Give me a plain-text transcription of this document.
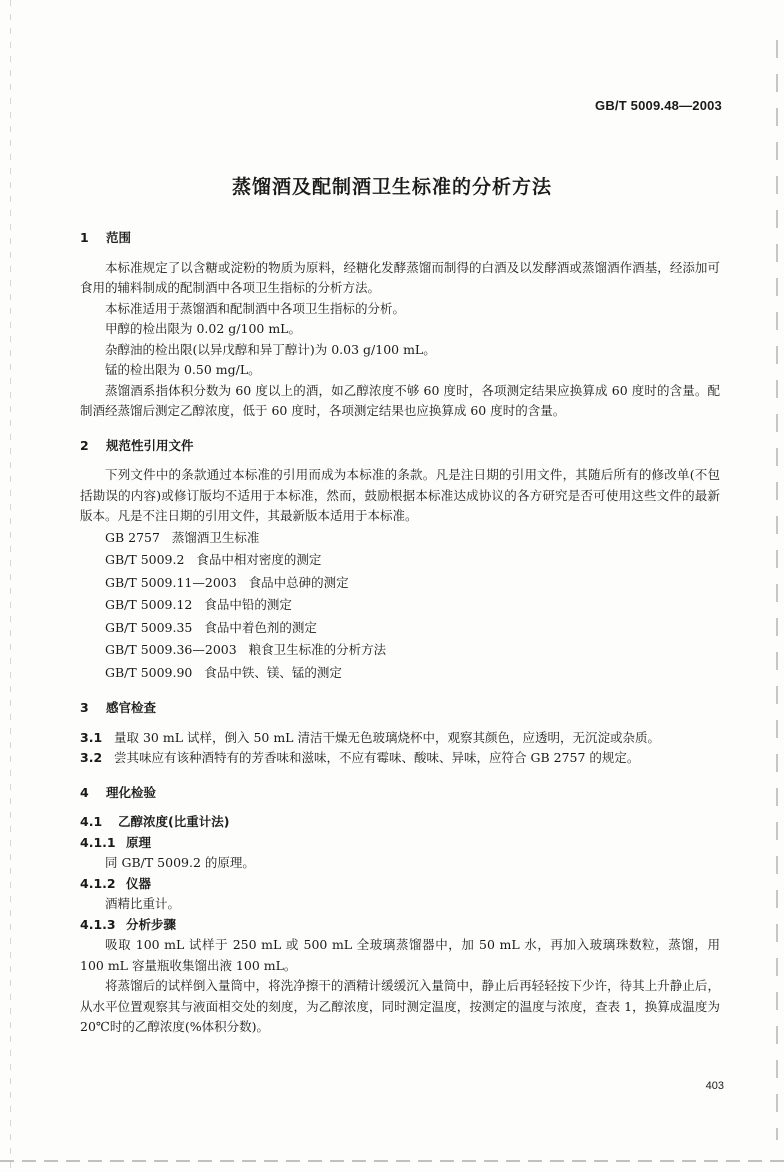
GB/T 5009.48—2003
蒸馏酒及配制酒卫生标准的分析方法
1 范围

本标准规定了以含糖或淀粉的物质为原料，经糖化发酵蒸馏而制得的白酒及以发酵酒或蒸馏酒作酒基，经添加可食用的辅料制成的配制酒中各项卫生指标的分析方法。

本标准适用于蒸馏酒和配制酒中各项卫生指标的分析。

甲醇的检出限为 0.02 g/100 mL。

杂醇油的检出限(以异戊醇和异丁醇计)为 0.03 g/100 mL。

锰的检出限为 0.50 mg/L。

蒸馏酒系指体积分数为 60 度以上的酒，如乙醇浓度不够 60 度时，各项测定结果应换算成 60 度时的含量。配制酒经蒸馏后测定乙醇浓度，低于 60 度时，各项测定结果也应换算成 60 度时的含量。

2 规范性引用文件

下列文件中的条款通过本标准的引用而成为本标准的条款。凡是注日期的引用文件，其随后所有的修改单(不包括勘误的内容)或修订版均不适用于本标准，然而，鼓励根据本标准达成协议的各方研究是否可使用这些文件的最新版本。凡是不注日期的引用文件，其最新版本适用于本标准。

GB 2757 蒸馏酒卫生标准

GB/T 5009.2 食品中相对密度的测定

GB/T 5009.11—2003 食品中总砷的测定

GB/T 5009.12 食品中铅的测定

GB/T 5009.35 食品中着色剂的测定

GB/T 5009.36—2003 粮食卫生标准的分析方法

GB/T 5009.90 食品中铁、镁、锰的测定

3 感官检查

3.1 量取 30 mL 试样，倒入 50 mL 清洁干燥无色玻璃烧杯中，观察其颜色，应透明，无沉淀或杂质。

3.2 尝其味应有该种酒特有的芳香味和滋味，不应有霉味、酸味、异味，应符合 GB 2757 的规定。

4 理化检验

4.1 乙醇浓度(比重计法)

4.1.1 原理

同 GB/T 5009.2 的原理。

4.1.2 仪器

酒精比重计。

4.1.3 分析步骤

吸取 100 mL 试样于 250 mL 或 500 mL 全玻璃蒸馏器中，加 50 mL 水，再加入玻璃珠数粒，蒸馏，用 100 mL 容量瓶收集馏出液 100 mL。

将蒸馏后的试样倒入量筒中，将洗净擦干的酒精计缓缓沉入量筒中，静止后再轻轻按下少许，待其上升静止后，从水平位置观察其与液面相交处的刻度，为乙醇浓度，同时测定温度，按测定的温度与浓度，查表 1，换算成温度为 20℃时的乙醇浓度(%体积分数)。

403
